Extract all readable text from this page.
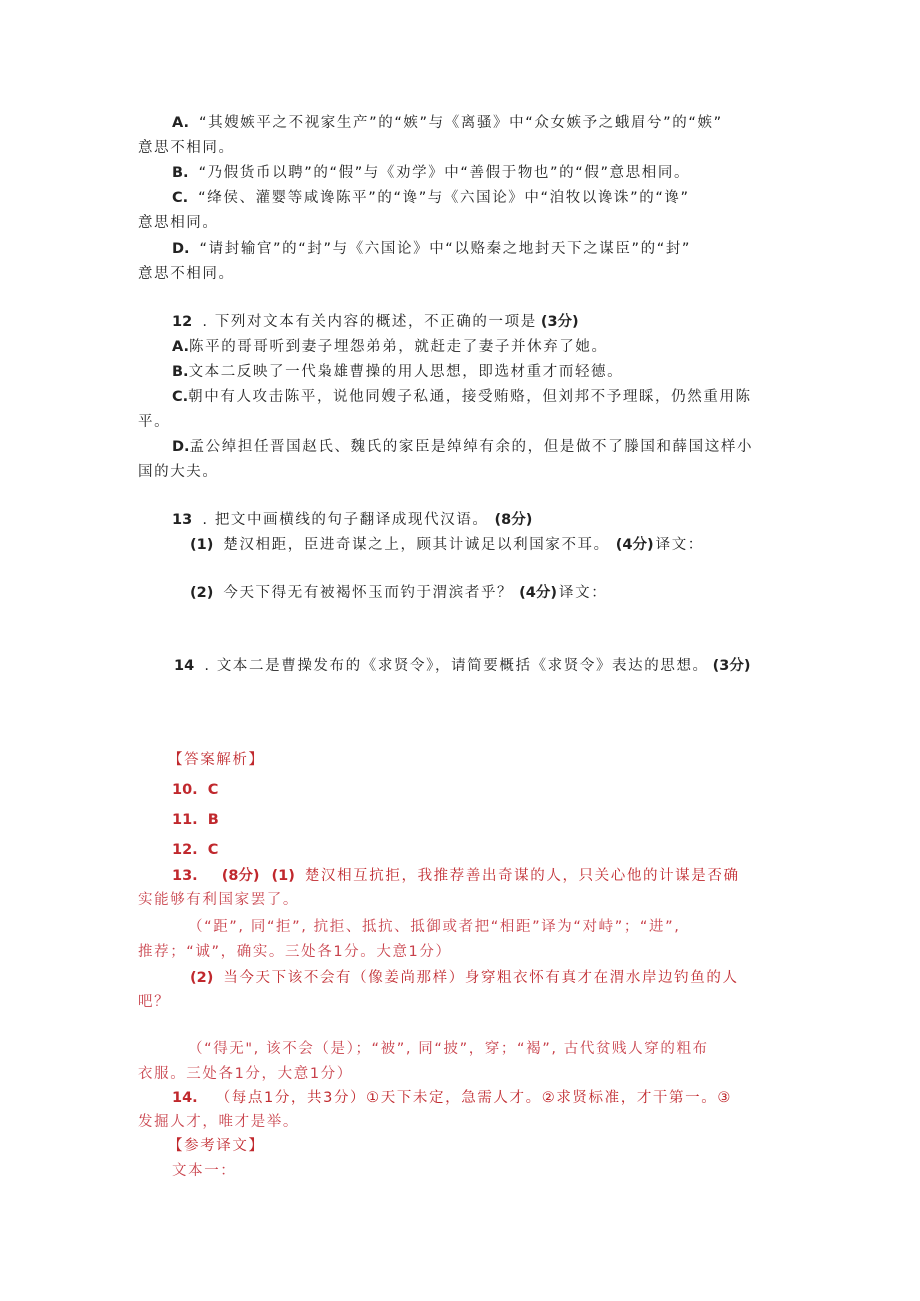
A. “其嫂嫉平之不视家生产”的“嫉”与《离骚》中“众女嫉予之蛾眉兮”的“嫉”
意思不相同。
B. “乃假货币以聘”的“假”与《劝学》中“善假于物也”的“假”意思相同。
C. “绛侯、灌婴等咸谗陈平”的“谗”与《六国论》中“洎牧以谗诛”的“谗”
意思相同。
D. “请封输官”的“封”与《六国论》中“以赂秦之地封天下之谋臣”的“封”
意思不相同。
12 . 下列对文本有关内容的概述，不正确的一项是 (3分)
A.陈平的哥哥听到妻子埋怨弟弟，就赶走了妻子并休弃了她。
B.文本二反映了一代枭雄曹操的用人思想，即选材重才而轻德。
C.朝中有人攻击陈平，说他同嫂子私通，接受贿赂，但刘邦不予理睬，仍然重用陈
平。
D.孟公绰担任晋国赵氏、魏氏的家臣是绰绰有余的，但是做不了滕国和薛国这样小
国的大夫。
13 . 把文中画横线的句子翻译成现代汉语。 (8分)
(1) 楚汉相距，臣进奇谋之上，顾其计诚足以利国家不耳。 (4分) 译文：
(2) 今天下得无有被褐怀玉而钓于渭滨者乎？ (4分) 译文：
14 . 文本二是曹操发布的《求贤令》，请简要概括《求贤令》表达的思想。 (3分)
【答案解析】
10. C
11. B
12. C
13. (8分) (1) 楚汉相互抗拒，我推荐善出奇谋的人，只关心他的计谋是否确
实能够有利国家罢了。
（“距”, 同“拒”, 抗拒、抵抗、抵御或者把“相距”译为“对峙”；“进”,
推荐；“诚”，确实。三处各1分。大意1分）
(2) 当今天下该不会有（像姜尚那样）身穿粗衣怀有真才在渭水岸边钓鱼的人
吧？
（“得无", 该不会（是）；“被”, 同“披”，穿；“褐”, 古代贫贱人穿的粗布
衣服。三处各1分，大意1分）
14. （每点1分，共3分）①天下未定，急需人才。②求贤标准，才干第一。③
发掘人才，唯才是举。
【参考译文】
文本一：
